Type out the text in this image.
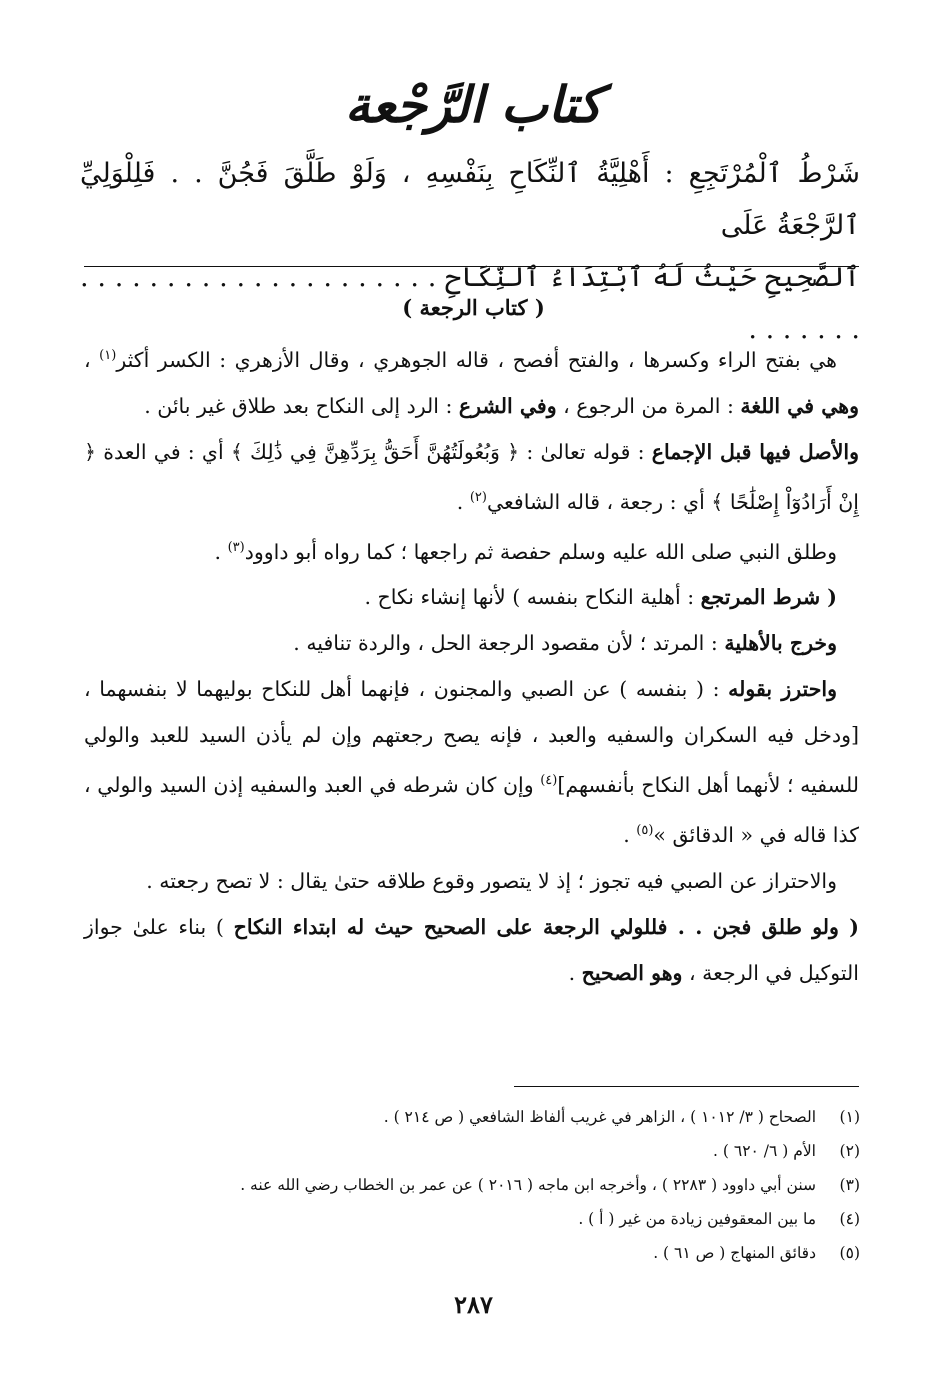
كتاب الرَّجْعة
شَرْطُ ٱلْمُرْتَجِعِ : أَهْلِيَّةُ ٱلنِّكَاحِ بِنَفْسِهِ ، وَلَوْ طَلَّقَ فَجُنَّ . . فَلِلْوَلِيِّ ٱلرَّجْعَةُ عَلَى
ٱلصَّحِيحِ حَيْثُ لَهُ ٱبْتِدَاءُ ٱلنِّكَاحِ . . . . . . . . . . . . . . . . . . . . . . . . . . . .
( كتاب الرجعة )

هي بفتح الراء وكسرها ، والفتح أفصح ، قاله الجوهري ، وقال الأزهري : الكسر أكثر$^{(١)}$ ، وهي في اللغة : المرة من الرجوع ، وفي الشرع : الرد إلى النكاح بعد طلاق غير بائن .

والأصل فيها قبل الإجماع : قوله تعالىٰ : ﴿ وَبُعُولَتُهُنَّ أَحَقُّ بِرَدِّهِنَّ فِي ذَٰلِكَ ﴾ أي : في العدة ﴿ إِنْ أَرَادُوٓاْ إِصْلَٰحًا ﴾ أي : رجعة ، قاله الشافعي$^{(٢)}$ .

وطلق النبي صلى الله عليه وسلم حفصة ثم راجعها ؛ كما رواه أبو داوود$^{(٣)}$ .

( شرط المرتجع : أهلية النكاح بنفسه ) لأنها إنشاء نكاح .

وخرج بالأهلية : المرتد ؛ لأن مقصود الرجعة الحل ، والردة تنافيه .

واحترز بقوله : ( بنفسه ) عن الصبي والمجنون ، فإنهما أهل للنكاح بوليهما لا بنفسهما ، [ودخل فيه السكران والسفيه والعبد ، فإنه يصح رجعتهم وإن لم يأذن السيد للعبد والولي للسفيه ؛ لأنهما أهل النكاح بأنفسهم]$^{(٤)}$ وإن كان شرطه في العبد والسفيه إذن السيد والولي ، كذا قاله في « الدقائق »$^{(٥)}$ .

والاحتراز عن الصبي فيه تجوز ؛ إذ لا يتصور وقوع طلاقه حتىٰ يقال : لا تصح رجعته .

( ولو طلق فجن . . فللولي الرجعة على الصحيح حيث له ابتداء النكاح ) بناء علىٰ جواز التوكيل في الرجعة ، وهو الصحيح .

(١)
الصحاح ( ٣/ ١٠١٢ ) ، الزاهر في غريب ألفاظ الشافعي ( ص ٢١٤ ) .
(٢)
الأم ( ٦/ ٦٢٠ ) .
(٣)
سنن أبي داوود ( ٢٢٨٣ ) ، وأخرجه ابن ماجه ( ٢٠١٦ ) عن عمر بن الخطاب رضي الله عنه .
(٤)
ما بين المعقوفين زيادة من غير ( أ ) .
(٥)
دقائق المنهاج ( ص ٦١ ) .
٢٨٧
